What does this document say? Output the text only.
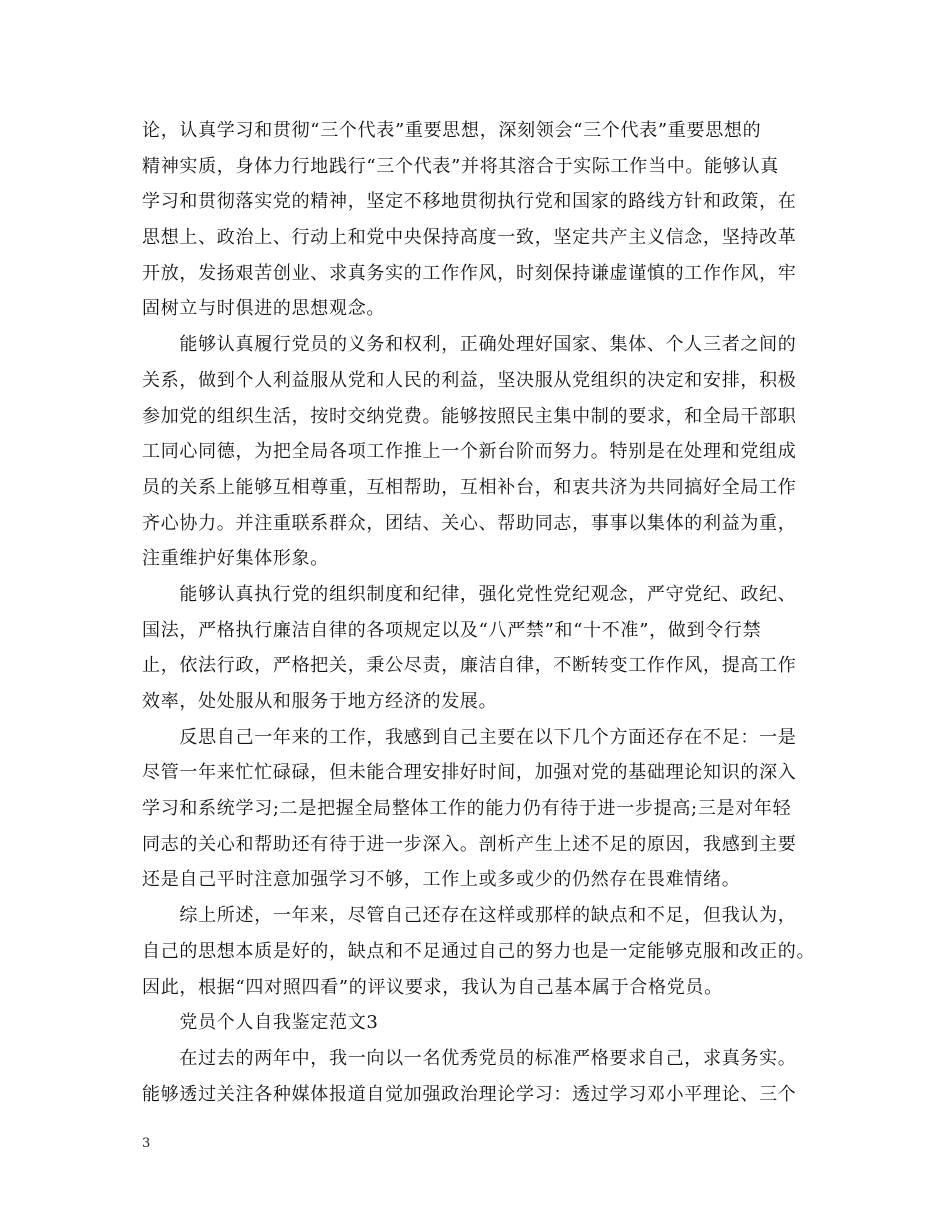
论，认真学习和贯彻“三个代表”重要思想，深刻领会“三个代表”重要思想的
精神实质，身体力行地践行“三个代表”并将其溶合于实际工作当中。能够认真
学习和贯彻落实党的精神，坚定不移地贯彻执行党和国家的路线方针和政策，在
思想上、政治上、行动上和党中央保持高度一致，坚定共产主义信念，坚持改革
开放，发扬艰苦创业、求真务实的工作作风，时刻保持谦虚谨慎的工作作风，牢
固树立与时俱进的思想观念。
　　能够认真履行党员的义务和权利，正确处理好国家、集体、个人三者之间的
关系，做到个人利益服从党和人民的利益，坚决服从党组织的决定和安排，积极
参加党的组织生活，按时交纳党费。能够按照民主集中制的要求，和全局干部职
工同心同德，为把全局各项工作推上一个新台阶而努力。特别是在处理和党组成
员的关系上能够互相尊重，互相帮助，互相补台，和衷共济为共同搞好全局工作
齐心协力。并注重联系群众，团结、关心、帮助同志，事事以集体的利益为重，
注重维护好集体形象。
　　能够认真执行党的组织制度和纪律，强化党性党纪观念，严守党纪、政纪、
国法，严格执行廉洁自律的各项规定以及“八严禁”和“十不准”，做到令行禁
止，依法行政，严格把关，秉公尽责，廉洁自律，不断转变工作作风，提高工作
效率，处处服从和服务于地方经济的发展。
　　反思自己一年来的工作，我感到自己主要在以下几个方面还存在不足：一是
尽管一年来忙忙碌碌，但未能合理安排好时间，加强对党的基础理论知识的深入
学习和系统学习;二是把握全局整体工作的能力仍有待于进一步提高;三是对年轻
同志的关心和帮助还有待于进一步深入。剖析产生上述不足的原因，我感到主要
还是自己平时注意加强学习不够，工作上或多或少的仍然存在畏难情绪。
　　综上所述，一年来，尽管自己还存在这样或那样的缺点和不足，但我认为，
自己的思想本质是好的，缺点和不足通过自己的努力也是一定能够克服和改正的。
因此，根据“四对照四看”的评议要求，我认为自己基本属于合格党员。
　　党员个人自我鉴定范文3
　　在过去的两年中，我一向以一名优秀党员的标准严格要求自己，求真务实。
能够透过关注各种媒体报道自觉加强政治理论学习：透过学习邓小平理论、三个
3
